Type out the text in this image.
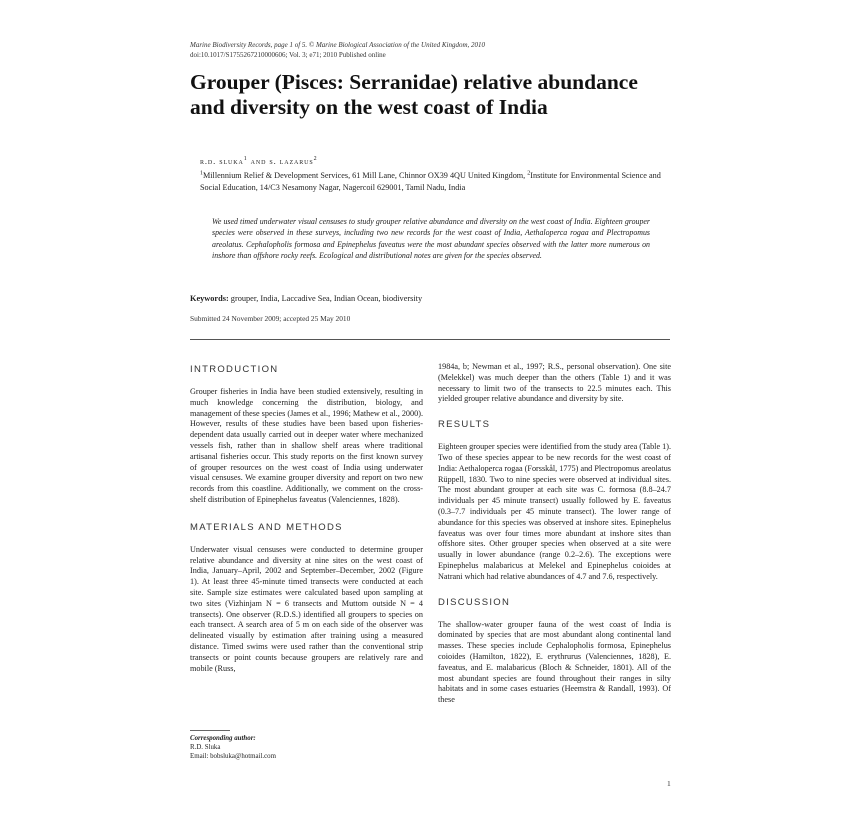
Marine Biodiversity Records, page 1 of 5. © Marine Biological Association of the United Kingdom, 2010
doi:10.1017/S1755267210000606; Vol. 3; e71; 2010 Published online
Grouper (Pisces: Serranidae) relative abundance and diversity on the west coast of India
r.d. sluka$^1$ and s. lazarus$^2$
$^1$Millennium Relief & Development Services, 61 Mill Lane, Chinnor OX39 4QU United Kingdom, $^2$Institute for Environmental Science and Social Education, 14/C3 Nesamony Nagar, Nagercoil 629001, Tamil Nadu, India
We used timed underwater visual censuses to study grouper relative abundance and diversity on the west coast of India. Eighteen grouper species were observed in these surveys, including two new records for the west coast of India, Aethaloperca rogaa and Plectropomus areolatus. Cephalopholis formosa and Epinephelus faveatus were the most abundant species observed with the latter more numerous on inshore than offshore rocky reefs. Ecological and distributional notes are given for the species observed.
Keywords: grouper, India, Laccadive Sea, Indian Ocean, biodiversity
Submitted 24 November 2009; accepted 25 May 2010
INTRODUCTION
Grouper fisheries in India have been studied extensively, resulting in much knowledge concerning the distribution, biology, and management of these species (James et al., 1996; Mathew et al., 2000). However, results of these studies have been based upon fisheries-dependent data usually carried out in deeper water where mechanized vessels fish, rather than in shallow shelf areas where traditional artisanal fisheries occur. This study reports on the first known survey of grouper resources on the west coast of India using underwater visual censuses. We examine grouper diversity and report on two new records from this coastline. Additionally, we comment on the cross-shelf distribution of Epinephelus faveatus (Valenciennes, 1828).
MATERIALS AND METHODS
Underwater visual censuses were conducted to determine grouper relative abundance and diversity at nine sites on the west coast of India, January–April, 2002 and September–December, 2002 (Figure 1). At least three 45-minute timed transects were conducted at each site. Sample size estimates were calculated based upon sampling at two sites (Vizhinjam N = 6 transects and Muttom outside N = 4 transects). One observer (R.D.S.) identified all groupers to species on each transect. A search area of 5 m on each side of the observer was delineated visually by estimation after training using a measured distance. Timed swims were used rather than the conventional strip transects or point counts because groupers are relatively rare and mobile (Russ,
Corresponding author:
R.D. Sluka
Email: bobsluka@hotmail.com
1984a, b; Newman et al., 1997; R.S., personal observation). One site (Melekkel) was much deeper than the others (Table 1) and it was necessary to limit two of the transects to 22.5 minutes each. This yielded grouper relative abundance and diversity by site.
RESULTS
Eighteen grouper species were identified from the study area (Table 1). Two of these species appear to be new records for the west coast of India: Aethaloperca rogaa (Forsskål, 1775) and Plectropomus areolatus Rüppell, 1830. Two to nine species were observed at individual sites. The most abundant grouper at each site was C. formosa (8.8–24.7 individuals per 45 minute transect) usually followed by E. faveatus (0.3–7.7 individuals per 45 minute transect). The lower range of abundance for this species was observed at inshore sites. Epinephelus faveatus was over four times more abundant at inshore sites than offshore sites. Other grouper species when observed at a site were usually in lower abundance (range 0.2–2.6). The exceptions were Epinephelus malabaricus at Melekel and Epinephelus coioides at Natrani which had relative abundances of 4.7 and 7.6, respectively.
DISCUSSION
The shallow-water grouper fauna of the west coast of India is dominated by species that are most abundant along continental land masses. These species include Cephalopholis formosa, Epinephelus coioides (Hamilton, 1822), E. erythrurus (Valenciennes, 1828), E. faveatus, and E. malabaricus (Bloch & Schneider, 1801). All of the most abundant species are found throughout their ranges in silty habitats and in some cases estuaries (Heemstra & Randall, 1993). Of these
1
